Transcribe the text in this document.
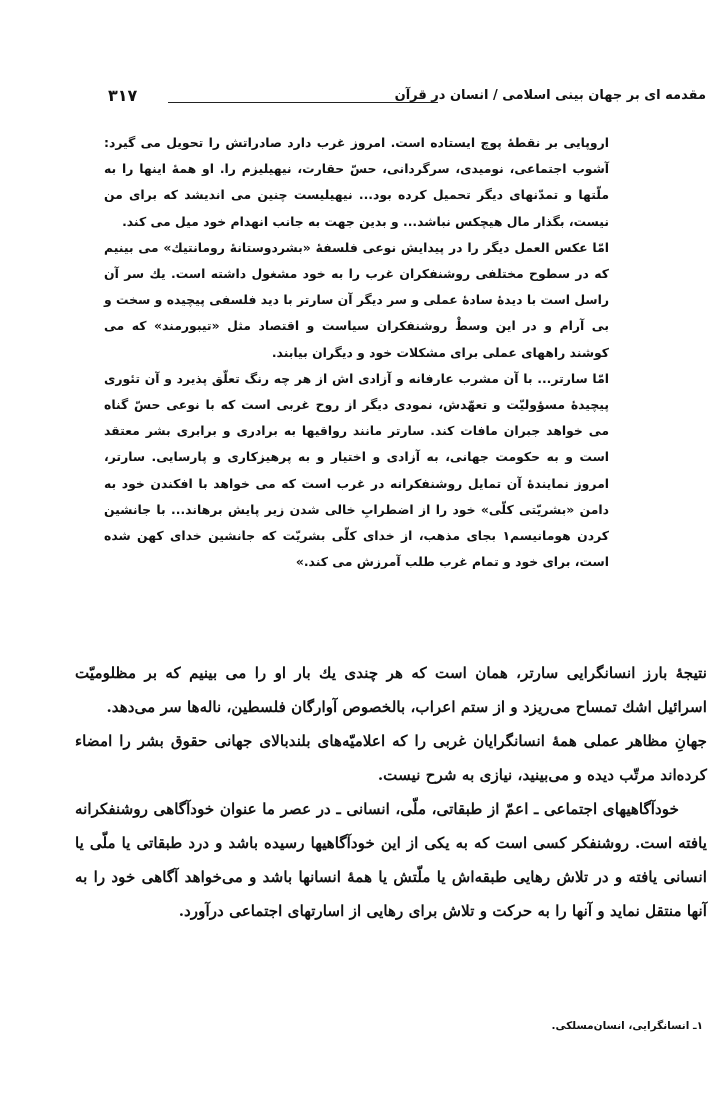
مقدمه ای بر جهان بینی اسلامی / انسان در قرآن
۳۱۷

اروپایی بر نقطهٔ پوچ ایستاده است. امروز غرب دارد صادراتش را تحویل می گیرد: آشوب اجتماعی، نومیدی، سرگردانی، حسّ حقارت، نیهیلیزم را. او همهٔ اینها را به ملّتها و تمدّنهای دیگر تحمیل کرده بود... نیهیلیست چنین می اندیشد که برای من نیست، بگذار مال هیچکس نباشد... و بدین جهت به جانب انهدام خود میل می کند.

امّا عکس العمل دیگر را در پیدایش نوعی فلسفهٔ «بشردوستانهٔ رومانتیك» می بینیم که در سطوح مختلفی روشنفکران غرب را به خود مشغول داشته است. یك سر آن راسل است با دیدهٔ سادهٔ عملی و سر دیگر آن سارتر با دید فلسفی پیچیده و سخت و بی آرام و در این وسطْ روشنفکران سیاست و اقتصاد مثل «تیبورمند» که می کوشند راههای عملی برای مشکلات خود و دیگران بیابند.

امّا سارتر... با آن مشرب عارفانه و آزادی اش از هر چه رنگ تعلّق پذیرد و آن تئوری پیچیدهٔ مسؤولیّت و تعهّدش، نمودی دیگر از روح غربی است که با نوعی حسّ گناه می خواهد جبران مافات کند. سارتر مانند رواقیها به برادری و برابری بشر معتقد است و به حکومت جهانی، به آزادی و اختیار و به پرهیزکاری و پارسایی. سارتر، امروز نمایندهٔ آن تمایل روشنفکرانه در غرب است که می خواهد با افکندن خود به دامن «بشریّتی کلّی» خود را از اضطرابِ خالی شدن زیر پایش برهاند... با جانشین کردن هومانیسم۱ بجای مذهب، از خدای کلّی بشریّت که جانشین خدای کهن شده است، برای خود و تمام غرب طلب آمرزش می کند.»

نتیجهٔ بارز انسانگرایی سارتر، همان است که هر چندی یك بار او را می بینیم که بر مظلومیّت اسرائیل اشك تمساح می‌ریزد و از ستم اعراب، بالخصوص آوارگان فلسطین، ناله‌ها سر می‌دهد.

جهانِ مظاهر عملی همهٔ انسانگرایان غربی را که اعلامیّه‌های بلندبالای جهانی حقوق بشر را امضاء کرده‌اند مرتّب دیده و می‌بینید، نیازی به شرح نیست.

خودآگاهیهای اجتماعی ـ اعمّ از طبقاتی، ملّی، انسانی ـ در عصر ما عنوان خودآگاهی روشنفکرانه یافته است. روشنفکر کسی است که به یکی از این خودآگاهیها رسیده باشد و درد طبقاتی یا ملّی یا انسانی یافته و در تلاش رهایی طبقه‌اش یا ملّتش یا همهٔ انسانها باشد و می‌خواهد آگاهی خود را به آنها منتقل نماید و آنها را به حرکت و تلاش برای رهایی از اسارتهای اجتماعی درآورد.

۱ـ انسانگرایی، انسان‌مسلکی.
